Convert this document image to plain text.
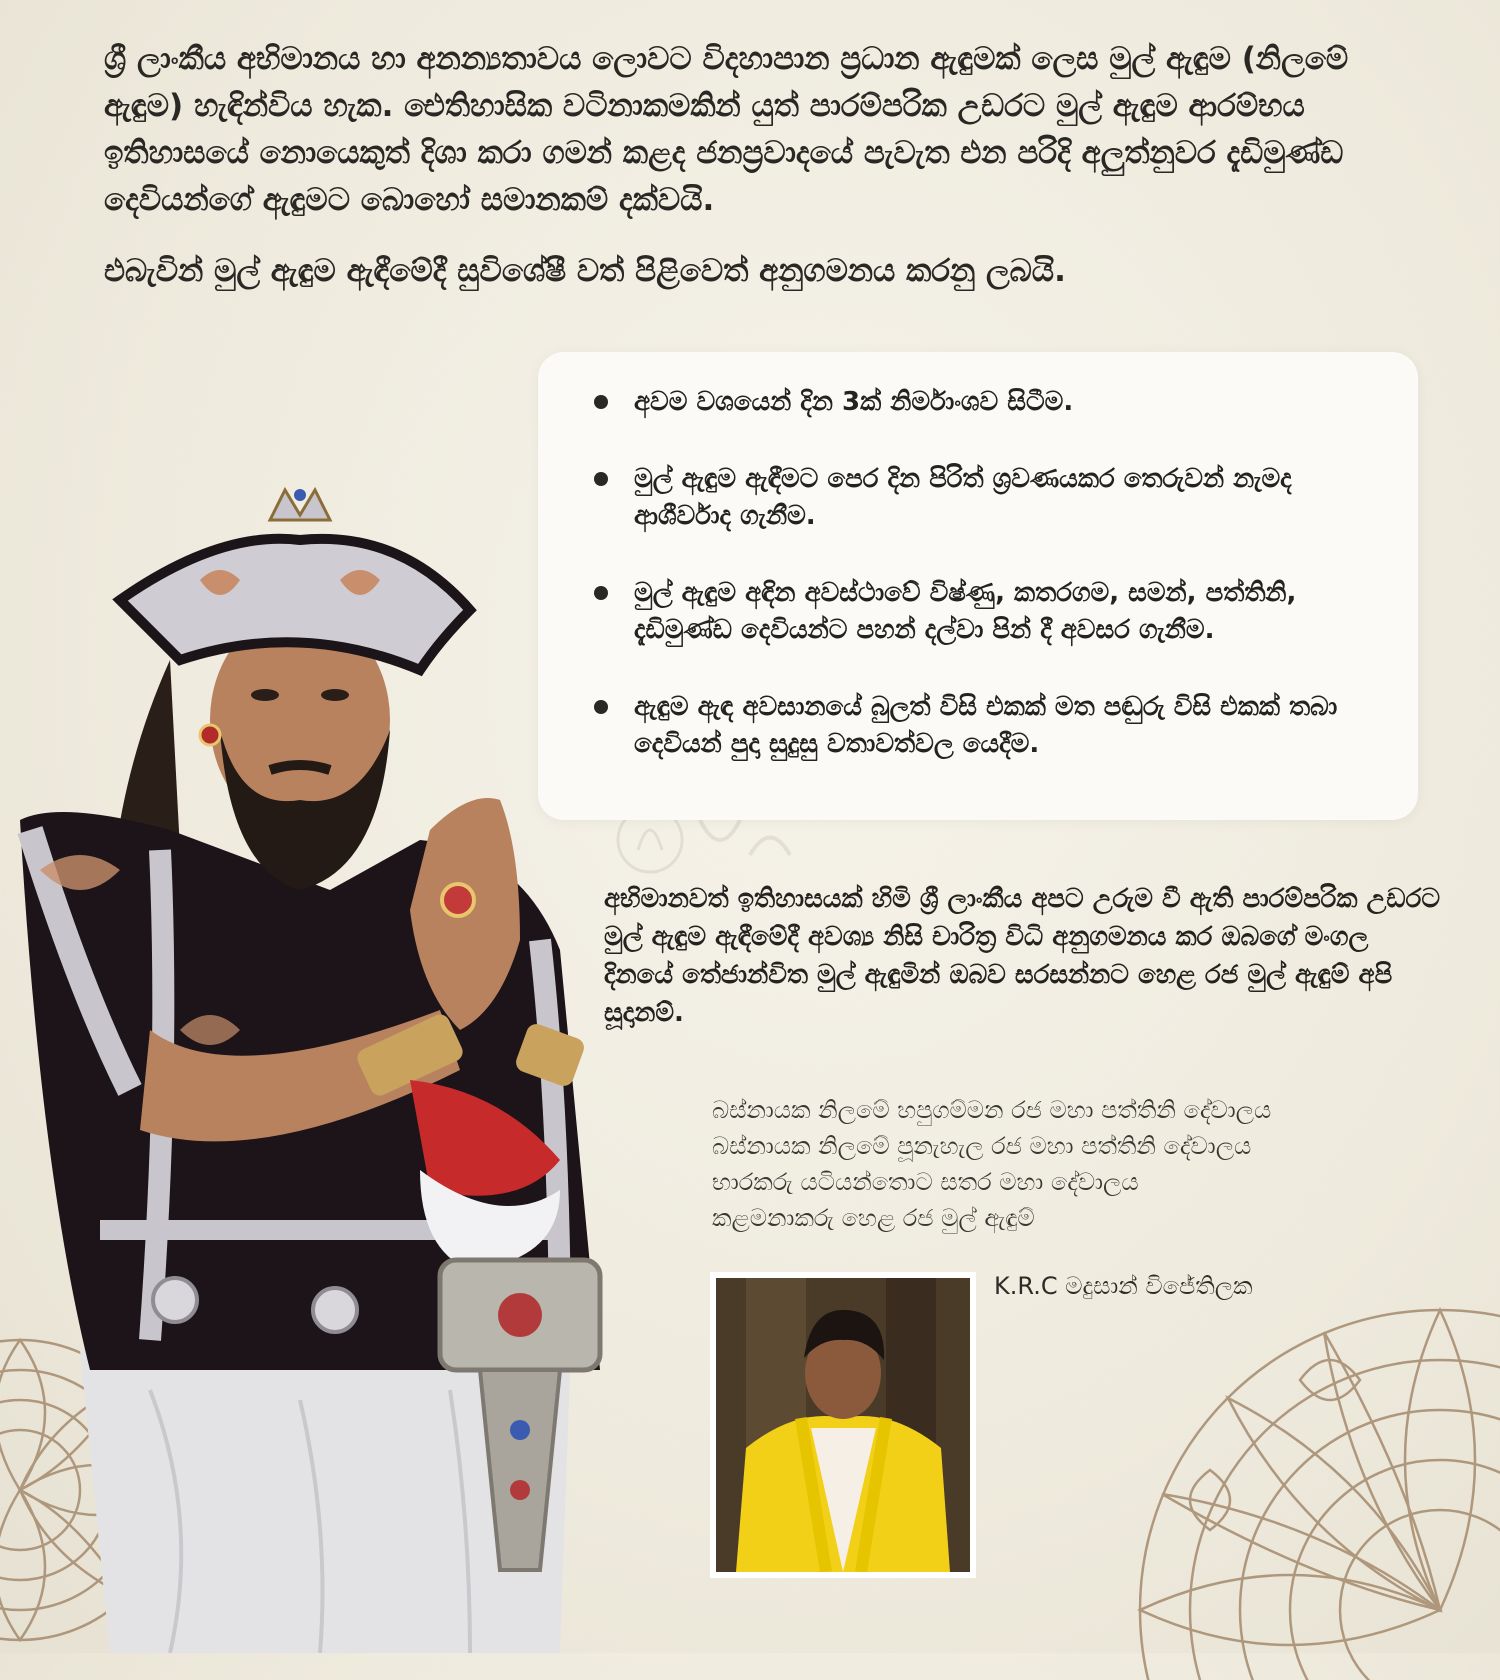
ශ්‍රී ලාංකීය අභිමානය හා අනන්‍යතාවය ලොවට විදහාපාන ප්‍රධාන ඇඳුමක් ලෙස මුල් ඇඳුම (නිලමේ ඇඳුම) හැඳින්විය හැක. ඓතිහාසික වටිනාකමකින් යුත් පාරම්පරික උඩරට මුල් ඇඳුම ආරම්භය ඉතිහාසයේ නොයෙකුත් දිශා කරා ගමන් කළද ජනප්‍රවාදයේ පැවැත එන පරිදි අලුත්නුවර දැඩිමුණ්ඩ දෙවියන්ගේ ඇඳුමට බොහෝ සමානකම් දක්වයි.

එබැවින් මුල් ඇඳුම ඇඳීමේදී සුවිශේෂී වත් පිළිවෙත් අනුගමනය කරනු ලබයි.

අවම වශයෙන් දින 3ක් නිර්මාංශව සිටීම.
මුල් ඇඳුම ඇඳීමට පෙර දින පිරිත් ශ්‍රවණයකර තෙරුවන් නැමද ආශීර්වාද ගැනීම.
මුල් ඇඳුම අඳින අවස්ථාවේ විෂ්ණු, කතරගම, සමන්, පත්තිනි, දැඩිමුණ්ඩ දෙවියන්ට පහන් දල්වා පින් දී අවසර ගැනීම.
ඇඳුම ඇඳ අවසානයේ බුලත් විසි එකක් මත පඬුරු විසි එකක් තබා දෙවියන් පුදා සුදුසු වතාවත්වල යෙදීම.

අභිමානවත් ඉතිහාසයක් හිමි ශ්‍රී ලාංකීය අපට උරුම වී ඇති පාරම්පරික උඩරට මුල් ඇඳුම ඇඳීමේදී අවශ්‍ය නිසි චාරිත්‍ර විධි අනුගමනය කර ඔබගේ මංගල දිනයේ තේජාන්විත මුල් ඇඳුමින් ඔබව සරසන්නට හෙළ රජ මුල් ඇඳුම් අපි සූදානම්.

බස්නායක නිලමේ හපුගම්මන රජ මහා පත්තිනි දේවාලය
බස්නායක නිලමේ පූනැහැල රජ මහා පත්තිනි දේවාලය
භාරකරු යටියන්තොට සතර මහා දේවාලය
කළමනාකරු හෙළ රජ මුල් ඇඳුම්
K.R.C මදුසාන් විජේතිලක
